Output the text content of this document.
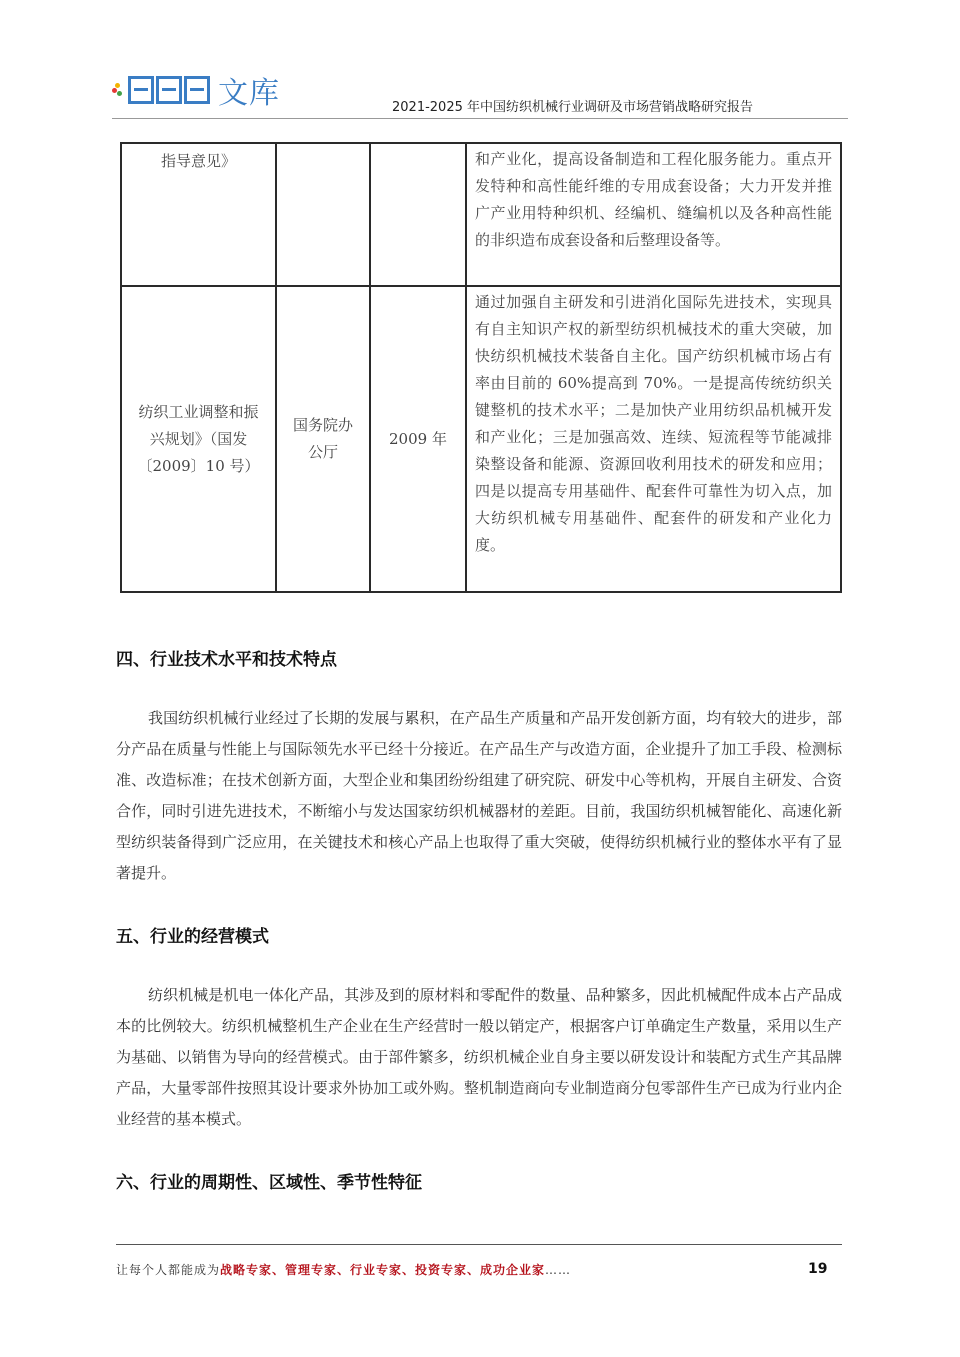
文库	2021-2025 年中国纺织机械行业调研及市场营销战略研究报告
指导意见》			和产业化，提高设备制造和工程化服务能力。重点开发特种和高性能纤维的专用成套设备；大力开发并推广产业用特种织机、经编机、缝编机以及各种高性能的非织造布成套设备和后整理设备等。
纺织工业调整和振兴规划》（国发〔2009〕10 号）	国务院办公厅	2009 年	通过加强自主研发和引进消化国际先进技术，实现具有自主知识产权的新型纺织机械技术的重大突破，加快纺织机械技术装备自主化。国产纺织机械市场占有率由目前的 60%提高到 70%。一是提高传统纺织关键整机的技术水平；二是加快产业用纺织品机械开发和产业化；三是加强高效、连续、短流程等节能减排染整设备和能源、资源回收利用技术的研发和应用；四是以提高专用基础件、配套件可靠性为切入点，加大纺织机械专用基础件、配套件的研发和产业化力度。
四、行业技术水平和技术特点

我国纺织机械行业经过了长期的发展与累积，在产品生产质量和产品开发创新方面，均有较大的进步，部分产品在质量与性能上与国际领先水平已经十分接近。在产品生产与改造方面，企业提升了加工手段、检测标准、改造标准；在技术创新方面，大型企业和集团纷纷组建了研究院、研发中心等机构，开展自主研发、合资合作，同时引进先进技术，不断缩小与发达国家纺织机械器材的差距。目前，我国纺织机械智能化、高速化新型纺织装备得到广泛应用，在关键技术和核心产品上也取得了重大突破，使得纺织机械行业的整体水平有了显著提升。

五、行业的经营模式

纺织机械是机电一体化产品，其涉及到的原材料和零配件的数量、品种繁多，因此机械配件成本占产品成本的比例较大。纺织机械整机生产企业在生产经营时一般以销定产，根据客户订单确定生产数量，采用以生产为基础、以销售为导向的经营模式。由于部件繁多，纺织机械企业自身主要以研发设计和装配方式生产其品牌产品，大量零部件按照其设计要求外协加工或外购。整机制造商向专业制造商分包零部件生产已成为行业内企业经营的基本模式。

六、行业的周期性、区域性、季节性特征
让每个人都能成为战略专家、管理专家、行业专家、投资专家、成功企业家……	19
